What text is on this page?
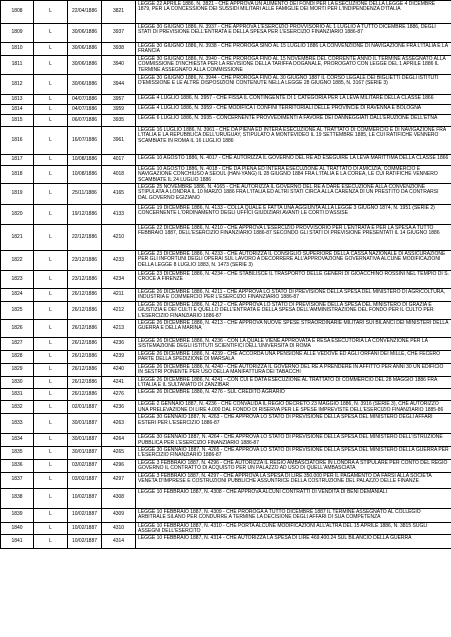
1808	L	22/04/1886	3821	LEGGE 22 APRILE 1886, N. 3821 - CHE APPROVA UN AUMENTO DEI FONDI PER LA ESECUZIONE DELLA LEGGE 4 DICEMBRE 1879, PER LA CONCESSIONE DEI SUSSIDI MILITARI ALLE FAMIGLIE DEI MORTI PER L'INDIPENDENZA D'ITALIA
1809	L	30/06/1886	3937	LEGGE 30 GIUGNO 1886, N. 3937 - CHE APPROVA L'ESERCIZIO PROVVISORIO AL 1 LUGLIO A TUTTO DICEMBRE 1886, DEGLI STATI DI PREVISIONE DELL'ENTRATA E DELLA SPESA PER L'ESERCIZIO FINANZIARIO 1886-87
1810	L	30/06/1886	3938	LEGGE 30 GIUGNO 1886, N. 3938 - CHE PROROGA SINO AL 15 LUGLIO 1886 LA CONVENZIONE DI NAVIGAZIONE FRA L'ITALIA E LA FRANCIA
1811	L	30/06/1886	3940	LEGGE 30 GIUGNO 1886, N. 3940 - CHE PROROGA FINO AL 15 NOVEMBRE DEL CORRENTE ANNO IL TERMINE ASSEGNATO ALLA COMMISSIONE D'INCHIESTA PER LA REVISIONE DELLA TARIFFA DOGANALE, PROROGATO CON LEGGE DEL 1 APRILE 1886 IL TERMINE ASSEGNATO ALLA COMMISSIONE
1812	L	30/06/1886	3944	LEGGE 30 GIUGNO 1886, N. 3944 - CHE PROROGA FINO AL 30 GIUGNO 1887 IL CORSO LEGALE DEI BIGLIETTI DEGLI ISTITUTI D'EMISSIONE E LE ALTRE DISPOSIZIONI CONTENUTE NELLA LEGGE 28 GIUGNO 1885, N. 3167 (SERIE 3)
1813	L	04/07/1886	3957	LEGGE 4 LUGLIO 1886, N. 3957 - CHE FISSA IL CONTINGENTE DI 1 CATEGORIA PER LA LEVA MILITARE DELLA CLASSE 1866
1814	L	04/07/1886	3959	LEGGE 4 LUGLIO 1886, N. 3959 - CHE MODIFICA I CONFINI TERRITORIALI DELLE PROVINCIE DI RAVENNA E BOLOGNA
1815	L	06/07/1886	3935	LEGGE 6 LUGLIO 1886, N. 3935 - CONCERNENTE PROVVEDIMENTI A FAVORE DEI DANNEGGIATI DALL'ERUZIONE DELL'ETNA
1816	L	16/07/1886	3961	LEGGE 16 LUGLIO 1886, N. 3961 - CHE DA PIENA ED INTERA ESECUZIONE AL TRATTATO DI COMMERCIO E DI NAVIGAZIONE FRA L'ITALIA E LA REPUBBLICA DELL'URUGUAY, STIPULATO A MONTEVIDEO IL 19 SETTEMBRE 1885, LE CUI RATIFICHE VENNERO SCAMBIATE IN ROMA IL 16 LUGLIO 1886
1817	L	10/08/1886	4017	LEGGE 10 AGOSTO 1886, N. 4017 - CHE AUTORIZZA IL GOVERNO DEL RE AD ESEGUIRE LA LEVA MARITTIMA DELLA CLASSE 1866
1818	L	10/08/1886	4018	LEGGE 10 AGOSTO 1886, N. 4018 - CHE DA PIENA ED INTERA ESECUZIONE AL TRATTATO DI AMICIZIA, COMMERCIO E NAVIGAZIONE CONCHIUSO A SEOUL (HAN-YANG) IL 28 GIUGNO 1884 FRA L'ITALIA E LA COREA, LE CUI RATIFICHE VENNERO SCAMBIATE IL 24 LUGLIO 1886
1819	L	25/11/1886	4165	LEGGE 25 NOVEMBRE 1886, N. 4165 - CHE AUTORIZZA IL GOVERNO DEL RE A DARE ESECUZIONE ALLA CONVENZIONE STIPULATA A LONDRA IL 10 MARZO 1886 FRA L'ITALIA ED ALTRI STATI CIRCA ALLA CARENZA DI UN PRESTITO DA CONTRARSI DAL GOVERNO EGIZIANO
1820	L	19/12/1886	4133	LEGGE 19 DICEMBRE 1886, N. 4133 - COLLA QUALE E FATTA UNA AGGIUNTA ALLA LEGGE 3 GIUGNO 1874, N. 1951 (SERIE 2) CONCERNENTE L'ORDINAMENTO DEGLI UFFICI GIUDIZIARI AVANTI LE CORTI D'ASSISE
1821	L	22/12/1886	4210	LEGGE 22 DICEMBRE 1886, N. 4210 - CHE APPROVA L'ESERCIZIO PROVVISORIO PER L'ENTRATA E PER LA SPESA A TUTTO FEBBRAIO 1887, DELL'ESERCIZIO FINANZIARIO 1886-87 SECONDO GLI STATI DI PREVISIONE PRESENTATI IL 14 GIUGNO 1886
1822	L	23/12/1886	4233	LEGGE 23 DICEMBRE 1886, N. 4233 - CHE AUTORIZZA IL CONSIGLIO SUPERIORE DELLA CASSA NAZIONALE DI ASSICURAZIONE PER GLI INFORTUNI DEGLI OPERAI SUL LAVORO A DECORRERE ALL'APPROVAZIONE GOVERNATIVA ALCUNE MODIFICAZIONI DELLA LEGGE 8 LUGLIO 1883, N. 1473 (SERIE 3)
1823	L	23/12/1886	4234	LEGGE 23 DICEMBRE 1886, N. 4234 - CHE STABILISCE IL TRASPORTO DELLE GENERI DI GIOACCHINO ROSSINI NEL TEMPIO DI S. CROCE A FIRENZE
1824	L	26/12/1886	4211	LEGGE 26 DICEMBRE 1886, N. 4211 - CHE APPROVA LO STATO DI PREVISIONE DELLA SPESA DEL MINISTERO DI AGRICOLTURA, INDUSTRIA E COMMERCIO PER L'ESERCIZIO FINANZIARIO 1886-87
1825	L	26/12/1886	4212	LEGGE 26 DICEMBRE 1886, N. 4212 - CHE APPROVA LO STATO DI PREVISIONE DELLA SPESA DEL MINISTERO DI GRAZIA E GIUSTIZIA E DEI CULTI E QUELLO DELL'ENTRATA E DELLA SPESA DELL'AMMINISTRAZIONE DEL FONDO PER IL CULTO PER L'ESERCIZIO FINANZIARIO 1886-87
1826	L	26/12/1886	4213	LEGGE 26 DICEMBRE 1886, N. 4213 - CHE APPROVA NUOVE SPESE STRAORDINARIE MILITARI SUI BILANCI DEI MINISTERI DELLA GUERRA E DELLA MARINA
1827	L	26/12/1886	4236	LEGGE 26 DICEMBRE 1886, N. 4236 - CON LA QUALE VIENE APPROVATA E RESA ESECUTORIA LA CONVENZIONE PER LA SISTEMAZIONE DEGLI ISTITUTI SCIENTIFICI DELL'UNIVERSITA DI ROMA
1828	L	26/12/1886	4239	LEGGE 26 DICEMBRE 1886, N. 4239 - CHE ACCORDA UNA PENSIONE ALLE VEDOVE ED AGLI ORFANI DEI MILLE, CHE FECERO PARTE DELLA SPEDIZIONE DI MARSALA
1829	L	26/12/1886	4240	LEGGE 26 DICEMBRE 1886, N. 4240 - CHE AUTORIZZA IL GOVERNO DEL RE A PRENDERE IN AFFITTO PER ANNI 30 UN EDIFICIO IN SESTRI PONENTE PER USO DELLA MANIFATTURA DEI TABACCHI
1830	L	26/12/1886	4241	LEGGE 26 DICEMBRE 1886, N. 4241 - CON CUI E DATA ESECUZIONE AL TRATTATO DI COMMERCIO DEL 28 MAGGIO 1886 FRA L'ITALIA E IL SULTANATO DI ZANZIBAR
1831	L	26/12/1886	4276	LEGGE 26 DICEMBRE 1886, N. 4276 - SUL CREDITO AGRARIO
1832	L	02/01/1887	4236	LEGGE 2 GENNAIO 1887, N. 4236 - CHE CONVALIDA IL REGIO DECRETO 23 MAGGIO 1886, N. 3916 (SERIE 3), CHE AUTORIZZO UNA PRELEVAZIONE DI LIRE 4.000 DAL FONDO DI RISERVA PER LE SPESE IMPREVISTE DELL'ESERCIZIO FINANZIARIO 1885-86
1833	L	30/01/1887	4263	LEGGE 30 GENNAIO 1887, N. 4263 - CHE APPROVA LO STATO DI PREVISIONE DELLA SPESA DEL MINISTERO DEGLI AFFARI ESTERI PER L'ESERCIZIO 1886-87
1834	L	30/01/1887	4264	LEGGE 30 GENNAIO 1887, N. 4264 - CHE APPROVA LO STATO DI PREVISIONE DELLA SPESA DEL MINISTERO DELL'ISTRUZIONE PUBBLICA PER L'ESERCIZIO FINANZIARIO 1886-87
1835	L	30/01/1887	4265	LEGGE 30 GENNAIO 1887, N. 4265 - CHE APPROVA LO STATO DI PREVISIONE DELLA SPESA DEL MINISTERO DELLA GUERRA PER L'ESERCIZIO FINANZIARIO 1886-87
1836	L	03/02/1887	4296	LEGGE 3 FEBBRAIO 1887, N. 4296 - CHE AUTORIZZA IL REGIO AMBASCIATORE IN LONDRA A STIPULARE PER CONTO DEL REGIO GOVERNO IL CONTRATTO DI ACQUISTO PER UN PALAZZO AD USO DI QUELL'AMBASCIATA
1837	L	03/02/1887	4297	LEGGE 3 FEBBRAIO 1887, N. 4297 - CHE APPROVA LA SPESA DI LIRE 350.000 PER IL PAGAMENTO DA FARSI ALLA SOCIETA VENETA D'IMPRESE E COSTRUZIONI PUBBLICHE ASSUNTRICE DELLA COSTRUZIONE DEL PALAZZO DELLE FINANZE
1838	L	10/02/1887	4308	LEGGE 10 FEBBRAIO 1887, N. 4308 - CHE APPROVA ALCUNI CONTRATTI DI VENDITA DI BENI DEMANIALI
1839	L	10/02/1887	4309	LEGGE 10 FEBBRAIO 1887, N. 4309 - CHE PROROGA A TUTTO DICEMBRE 1887 IL TERMINE ASSEGNATO AL COLLEGIO ARBITRALE SILANO PER CONDURRE A TERMINE LA DECISIONE DEGLI AFFARI DI SUA COMPETENZA
1840	L	10/02/1887	4310	LEGGE 10 FEBBRAIO 1887, N. 4310 - CHE PORTA ALCUNE MODIFICAZIONI ALL'ALTRA DEL 15 APRILE 1886, N. 3815 SUGLI ASSEGNI DELL'ESERCITO
1841	L	10/02/1887	4314	LEGGE 10 FEBBRAIO 1887, N. 4314 - CHE AUTORIZZA LA SPESA DI LIRE 469.400.24 SUL BILANCIO DELLA GUERRA
